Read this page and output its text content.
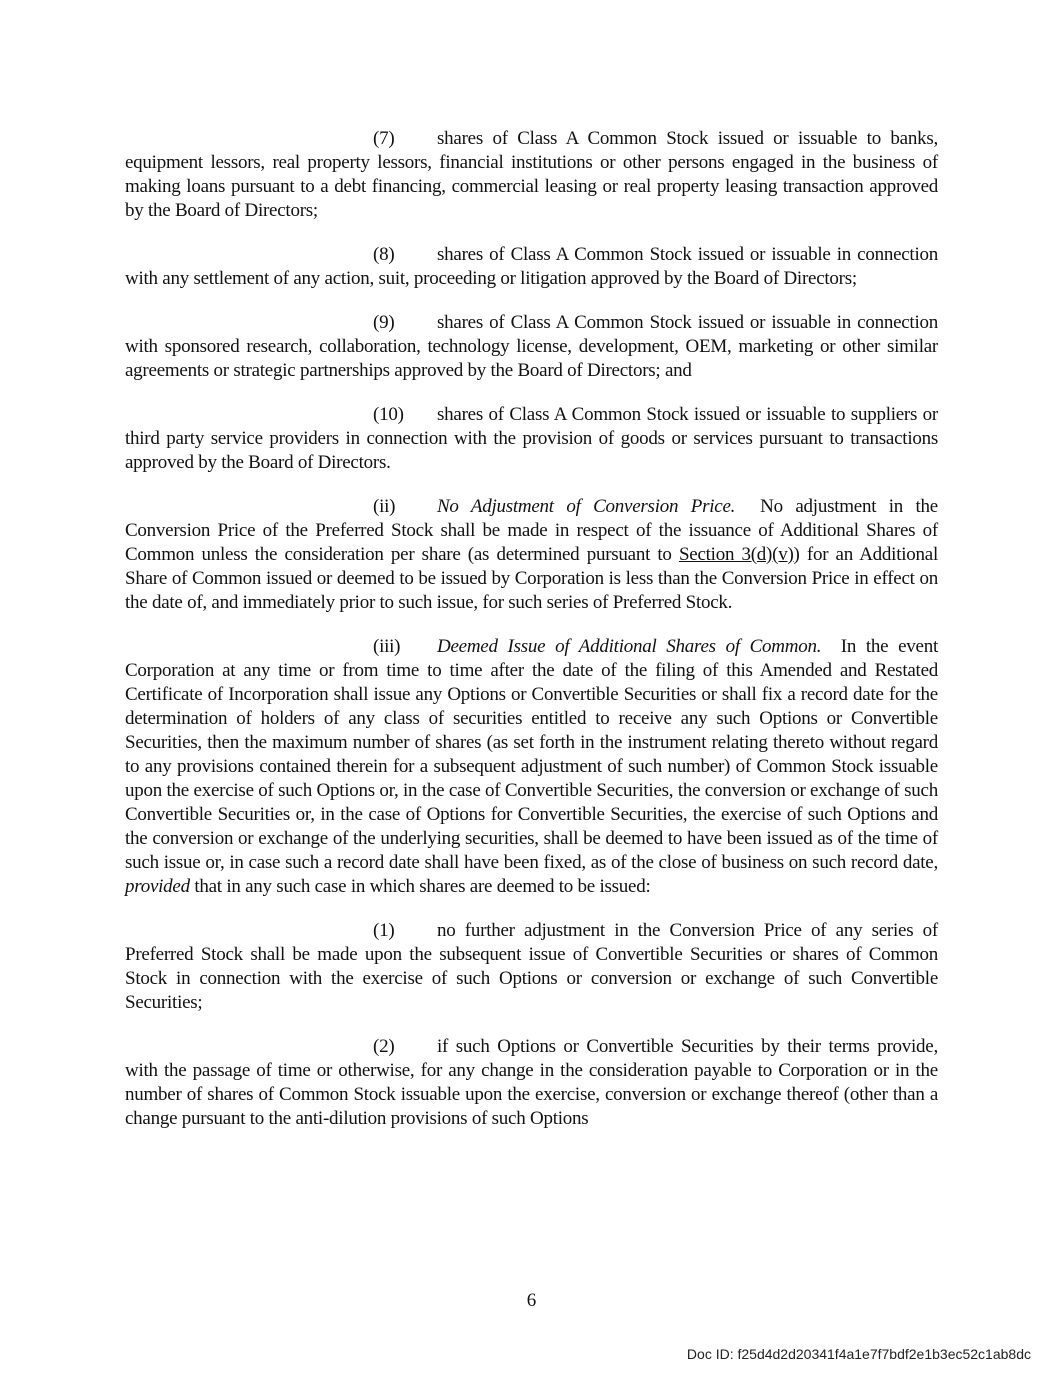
(7) shares of Class A Common Stock issued or issuable to banks, equipment lessors, real property lessors, financial institutions or other persons engaged in the business of making loans pursuant to a debt financing, commercial leasing or real property leasing transaction approved by the Board of Directors;

(8) shares of Class A Common Stock issued or issuable in connection with any settlement of any action, suit, proceeding or litigation approved by the Board of Directors;

(9) shares of Class A Common Stock issued or issuable in connection with sponsored research, collaboration, technology license, development, OEM, marketing or other similar agreements or strategic partnerships approved by the Board of Directors; and

(10) shares of Class A Common Stock issued or issuable to suppliers or third party service providers in connection with the provision of goods or services pursuant to transactions approved by the Board of Directors.

(ii) No Adjustment of Conversion Price. No adjustment in the Conversion Price of the Preferred Stock shall be made in respect of the issuance of Additional Shares of Common unless the consideration per share (as determined pursuant to Section 3(d)(v)) for an Additional Share of Common issued or deemed to be issued by Corporation is less than the Conversion Price in effect on the date of, and immediately prior to such issue, for such series of Preferred Stock.

(iii) Deemed Issue of Additional Shares of Common. In the event Corporation at any time or from time to time after the date of the filing of this Amended and Restated Certificate of Incorporation shall issue any Options or Convertible Securities or shall fix a record date for the determination of holders of any class of securities entitled to receive any such Options or Convertible Securities, then the maximum number of shares (as set forth in the instrument relating thereto without regard to any provisions contained therein for a subsequent adjustment of such number) of Common Stock issuable upon the exercise of such Options or, in the case of Convertible Securities, the conversion or exchange of such Convertible Securities or, in the case of Options for Convertible Securities, the exercise of such Options and the conversion or exchange of the underlying securities, shall be deemed to have been issued as of the time of such issue or, in case such a record date shall have been fixed, as of the close of business on such record date, provided that in any such case in which shares are deemed to be issued:

(1) no further adjustment in the Conversion Price of any series of Preferred Stock shall be made upon the subsequent issue of Convertible Securities or shares of Common Stock in connection with the exercise of such Options or conversion or exchange of such Convertible Securities;

(2) if such Options or Convertible Securities by their terms provide, with the passage of time or otherwise, for any change in the consideration payable to Corporation or in the number of shares of Common Stock issuable upon the exercise, conversion or exchange thereof (other than a change pursuant to the anti-dilution provisions of such Options

6
Doc ID: f25d4d2d20341f4a1e7f7bdf2e1b3ec52c1ab8dc
